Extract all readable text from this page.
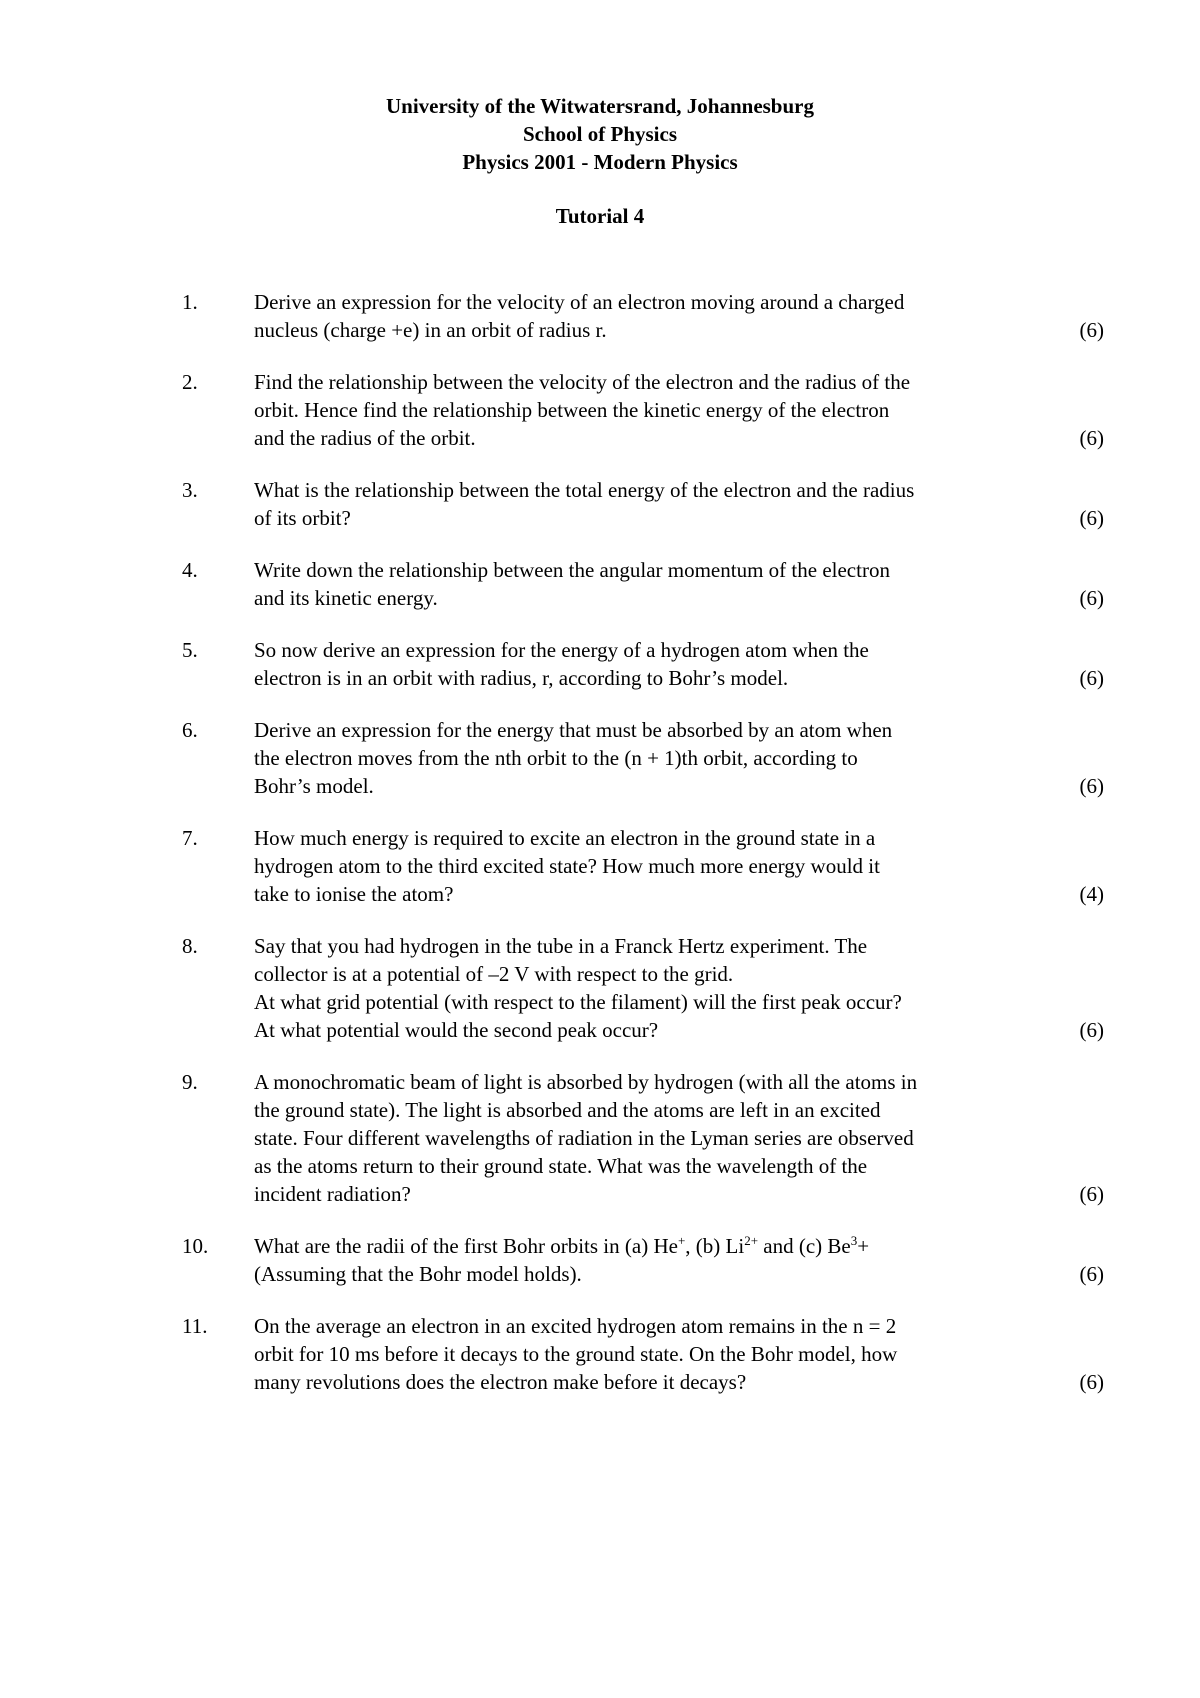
University of the Witwatersrand, Johannesburg
School of Physics
Physics 2001 - Modern Physics
Tutorial 4
1.	Derive an expression for the velocity of an electron moving around a charged
nucleus (charge +e) in an orbit of radius r.	(6)
2.	Find the relationship between the velocity of the electron and the radius of the
orbit. Hence find the relationship between the kinetic energy of the electron
and the radius of the orbit.	(6)
3.	What is the relationship between the total energy of the electron and the radius
of its orbit?	(6)
4.	Write down the relationship between the angular momentum of the electron
and its kinetic energy.	(6)
5.	So now derive an expression for the energy of a hydrogen atom when the
electron is in an orbit with radius, r, according to Bohr’s model.	(6)
6.	Derive an expression for the energy that must be absorbed by an atom when
the electron moves from the nth orbit to the (n + 1)th orbit, according to
Bohr’s model.	(6)
7.	How much energy is required to excite an electron in the ground state in a
hydrogen atom to the third excited state? How much more energy would it
take to ionise the atom?	(4)
8.	Say that you had hydrogen in the tube in a Franck Hertz experiment. The
collector is at a potential of –2 V with respect to the grid.
At what grid potential (with respect to the filament) will the first peak occur?
At what potential would the second peak occur?	(6)
9.	A monochromatic beam of light is absorbed by hydrogen (with all the atoms in
the ground state). The light is absorbed and the atoms are left in an excited
state. Four different wavelengths of radiation in the Lyman series are observed
as the atoms return to their ground state. What was the wavelength of the
incident radiation?	(6)
10. What are the radii of the first Bohr orbits in (a) He+, (b) $Li^{2+}$ and (c) $Be^3+$
(Assuming that the Bohr model holds).	(6)
11. On the average an electron in an excited hydrogen atom remains in the n = 2
orbit for 10 ms before it decays to the ground state. On the Bohr model, how
many revolutions does the electron make before it decays?	(6)
